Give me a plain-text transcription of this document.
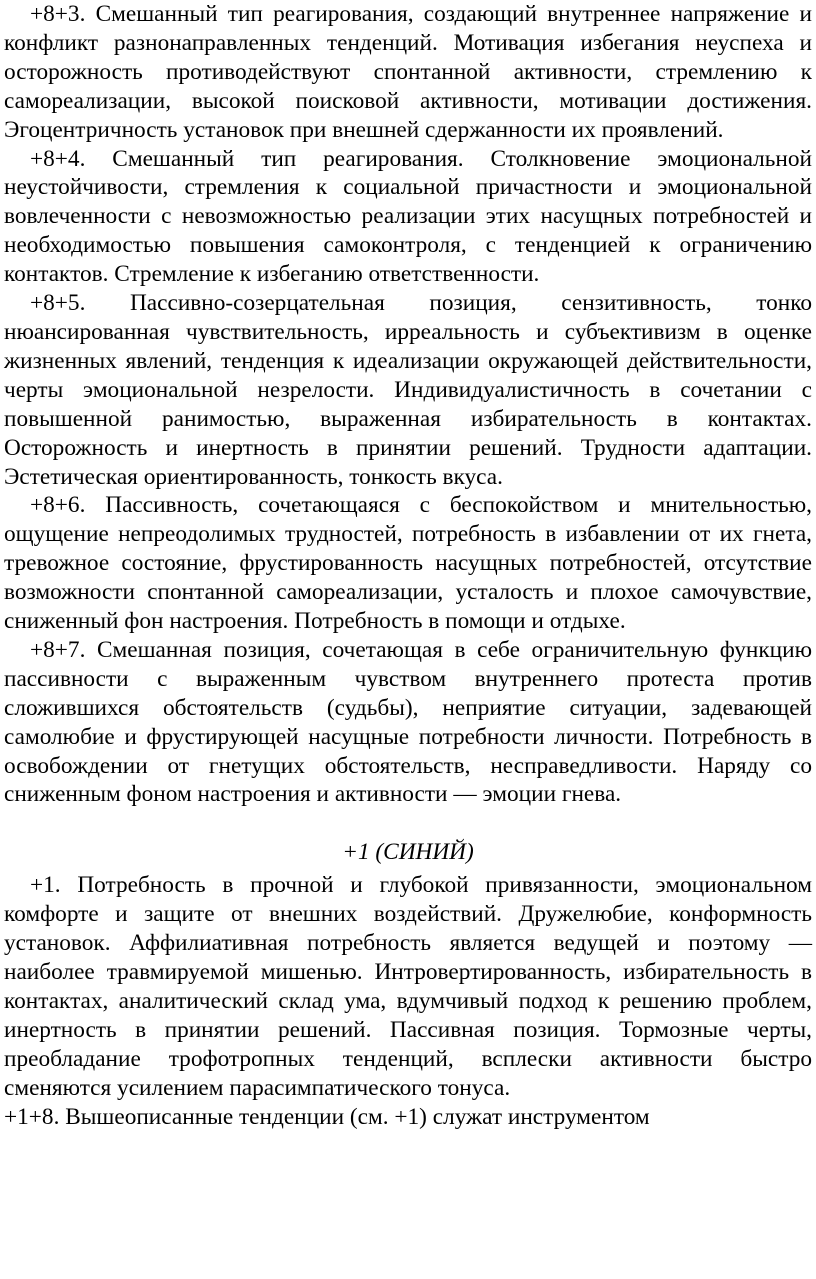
+8+3. Смешанный тип реагирования, создающий внутреннее напряжение и конфликт разнонаправленных тенденций. Мотивация избегания неуспеха и осторожность противодействуют спонтанной активности, стремлению к самореализации, высокой поисковой активности, мотивации достижения. Эгоцентричность установок при внешней сдержанности их проявлений.

+8+4. Смешанный тип реагирования. Столкновение эмоциональной неустойчивости, стремления к социальной причастности и эмоциональной вовлеченности с невозможностью реализации этих насущных потребностей и необходимостью повышения самоконтроля, с тенденцией к ограничению контактов. Стремление к избеганию ответственности.

+8+5. Пассивно-созерцательная позиция, сензитивность, тонко нюансированная чувствительность, ирреальность и субъективизм в оценке жизненных явлений, тенденция к идеализации окружающей действительности, черты эмоциональной незрелости. Индивидуалистичность в сочетании с повышенной ранимостью, выраженная избирательность в контактах. Осторожность и инертность в принятии решений. Трудности адаптации. Эстетическая ориентированность, тонкость вкуса.

+8+6. Пассивность, сочетающаяся с беспокойством и мнительностью, ощущение непреодолимых трудностей, потребность в избавлении от их гнета, тревожное состояние, фрустированность насущных потребностей, отсутствие возможности спонтанной самореализации, усталость и плохое самочувствие, сниженный фон настроения. Потребность в помощи и отдыхе.

+8+7. Смешанная позиция, сочетающая в себе ограничительную функцию пассивности с выраженным чувством внутреннего протеста против сложившихся обстоятельств (судьбы), неприятие ситуации, задевающей самолюбие и фрустирующей насущные потребности личности. Потребность в освобождении от гнетущих обстоятельств, несправедливости. Наряду со сниженным фоном настроения и активности — эмоции гнева.

+1 (СИНИЙ)

+1. Потребность в прочной и глубокой привязанности, эмоциональном комфорте и защите от внешних воздействий. Дружелюбие, конформность установок. Аффилиативная потребность является ведущей и поэтому — наиболее травмируемой мишенью. Интровертированность, избирательность в контактах, аналитический склад ума, вдумчивый подход к решению проблем, инертность в принятии решений. Пассивная позиция. Тормозные черты, преобладание трофотропных тенденций, всплески активности быстро сменяются усилением парасимпатического тонуса.

+1+8. Вышеописанные тенденции (см. +1) служат инструментом
